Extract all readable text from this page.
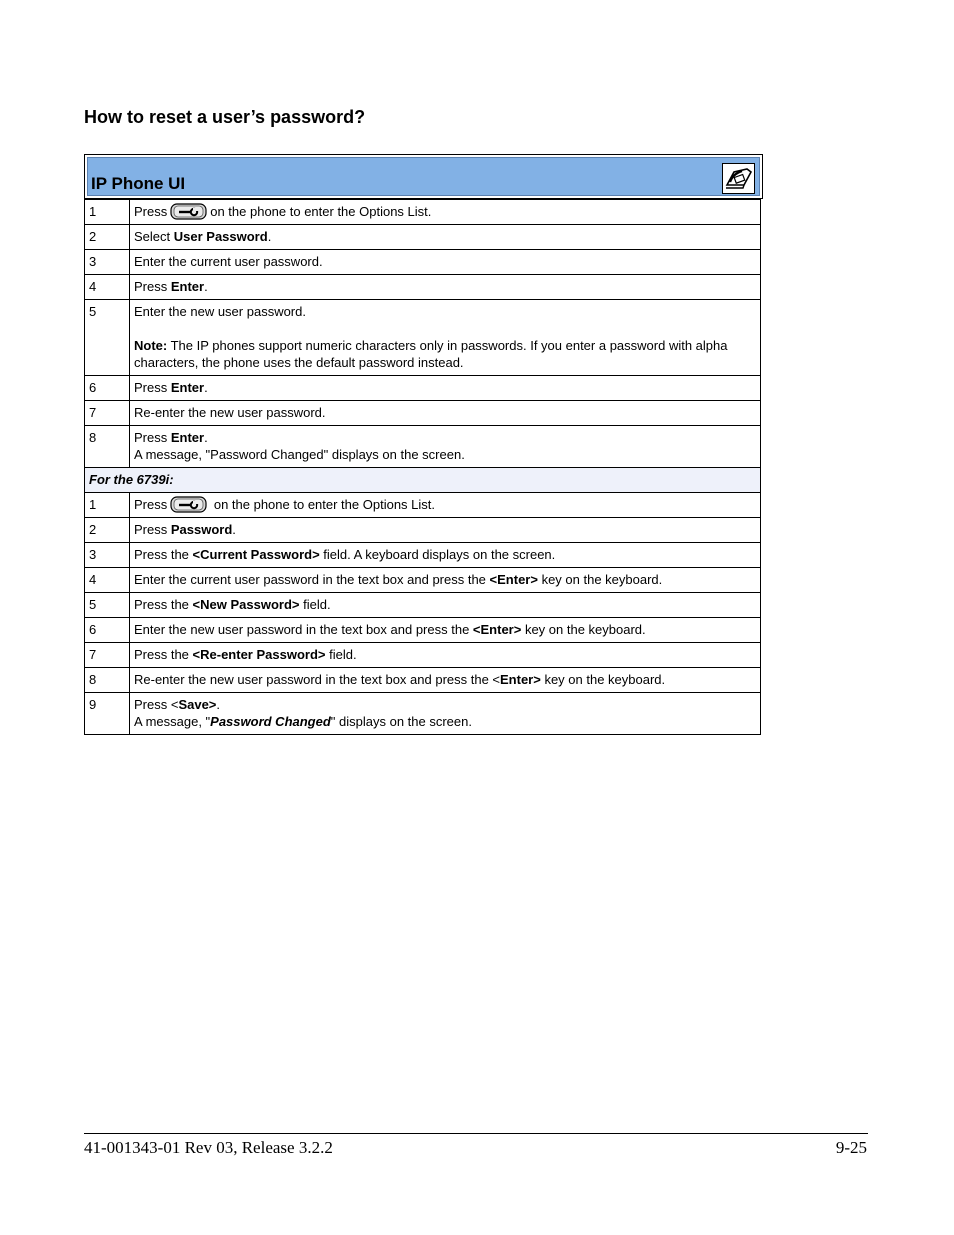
How to reset a user’s password?
IP Phone UI
1	Press on the phone to enter the Options List.
2	Select User Password.
3	Enter the current user password.
4	Press Enter.
5	Enter the new user password.
Note: The IP phones support numeric characters only in passwords. If you enter a password with alpha characters, the phone uses the default password instead.

6	Press Enter.
7	Re-enter the new user password.
8	Press Enter.
A message, "Password Changed" displays on the screen.
For the 6739i:	
1	Press on the phone to enter the Options List.
2	Press Password.
3	Press the <Current Password> field. A keyboard displays on the screen.
4	Enter the current user password in the text box and press the <Enter> key on the keyboard.
5	Press the <New Password> field.
6	Enter the new user password in the text box and press the <Enter> key on the keyboard.
7	Press the <Re-enter Password> field.
8	Re-enter the new user password in the text box and press the <Enter> key on the keyboard.
9	Press <Save>.
A message, "Password Changed" displays on the screen.
41-001343-01 Rev 03, Release 3.2.2	9-25
